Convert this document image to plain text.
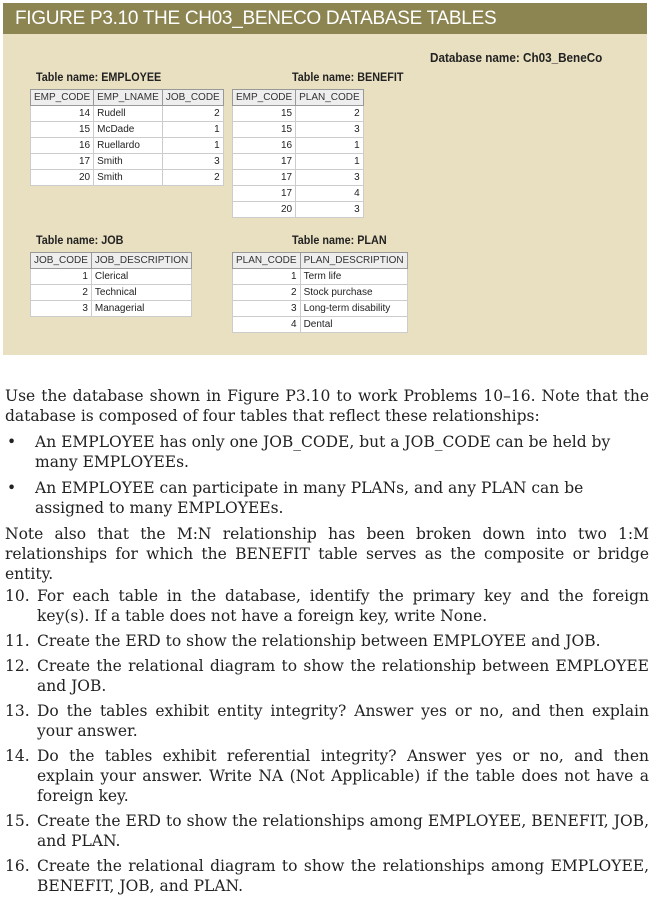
FIGURE P3.10 THE CH03_BENECO DATABASE TABLES
Database name: Ch03_BeneCo
Table name: EMPLOYEE
EMP_CODE	EMP_LNAME	JOB_CODE
14	Rudell	2
15	McDade	1
16	Ruellardo	1
17	Smith	3
20	Smith	2
Table name: BENEFIT
EMP_CODE	PLAN_CODE
15	2
15	3
16	1
17	1
17	3
17	4
20	3
Table name: JOB
JOB_CODE	JOB_DESCRIPTION
1	Clerical
2	Technical
3	Managerial
Table name: PLAN
PLAN_CODE	PLAN_DESCRIPTION
1	Term life
2	Stock purchase
3	Long-term disability
4	Dental

Use the database shown in Figure P3.10 to work Problems 10–16. Note that the database is composed of four tables that reflect these relationships:

• An EMPLOYEE has only one JOB_CODE, but a JOB_CODE can be held by many EMPLOYEEs.
• An EMPLOYEE can participate in many PLANs, and any PLAN can be assigned to many EMPLOYEEs.

Note also that the M:N relationship has been broken down into two 1:M relationships for which the BENEFIT table serves as the composite or bridge entity.

10. For each table in the database, identify the primary key and the foreign key(s). If a table does not have a foreign key, write None.
11. Create the ERD to show the relationship between EMPLOYEE and JOB.
12. Create the relational diagram to show the relationship between EMPLOYEE and JOB.
13. Do the tables exhibit entity integrity? Answer yes or no, and then explain your answer.
14. Do the tables exhibit referential integrity? Answer yes or no, and then explain your answer. Write NA (Not Applicable) if the table does not have a foreign key.
15. Create the ERD to show the relationships among EMPLOYEE, BENEFIT, JOB, and PLAN.
16. Create the relational diagram to show the relationships among EMPLOYEE, BENEFIT, JOB, and PLAN.
